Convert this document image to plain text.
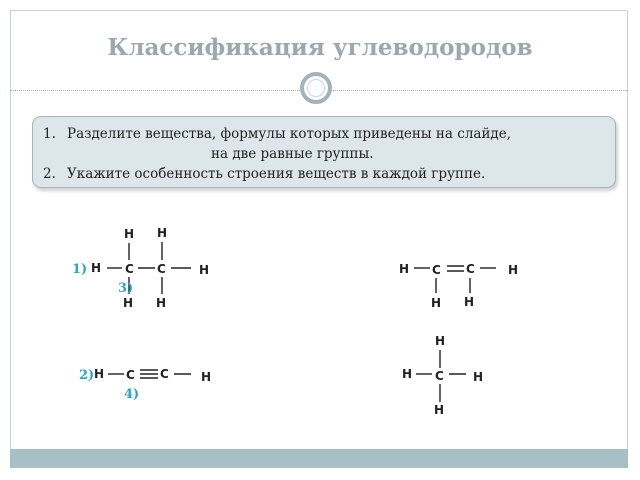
Классификация углеводородов
1. Разделите вещества, формулы которых приведены на слайде,
на две равные группы.
2. Укажите особенность строения веществ в каждой группе.
1) H C C	H
H H
H H
3)
2) H C C	H
4)
H C C	H
H H
H
H C H
H
